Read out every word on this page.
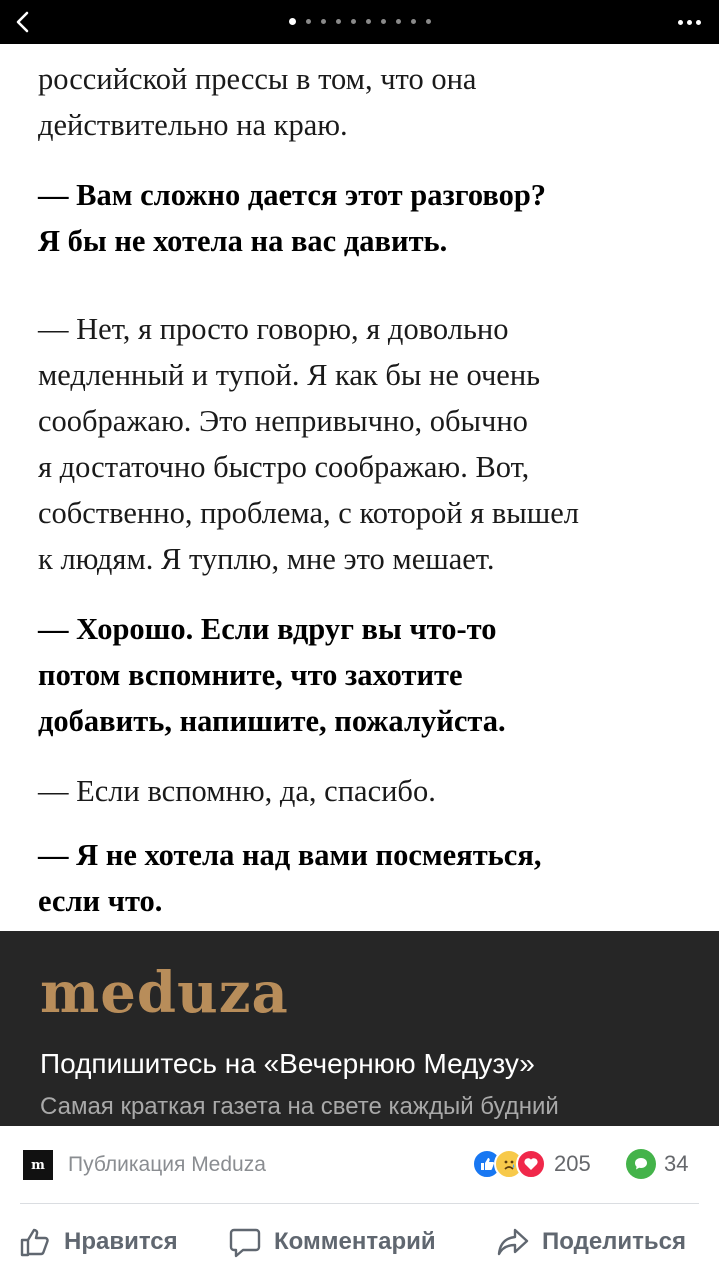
российской прессы в том, что она
действительно на краю.

— Вам сложно дается этот разговор?
Я бы не хотела на вас давить.

— Нет, я просто говорю, я довольно
медленный и тупой. Я как бы не очень
соображаю. Это непривычно, обычно
я достаточно быстро соображаю. Вот,
собственно, проблема, с которой я вышел
к людям. Я туплю, мне это мешает.

— Хорошо. Если вдруг вы что-то
потом вспомните, что захотите
добавить, напишите, пожалуйста.

— Если вспомню, да, спасибо.

— Я не хотела над вами посмеяться,
если что.

meduza
Подпишитесь на «Вечернюю Медузу»
Самая краткая газета на свете каждый будний
m	Публикация Meduza	205	34
Нравится	Комментарий	Поделиться
